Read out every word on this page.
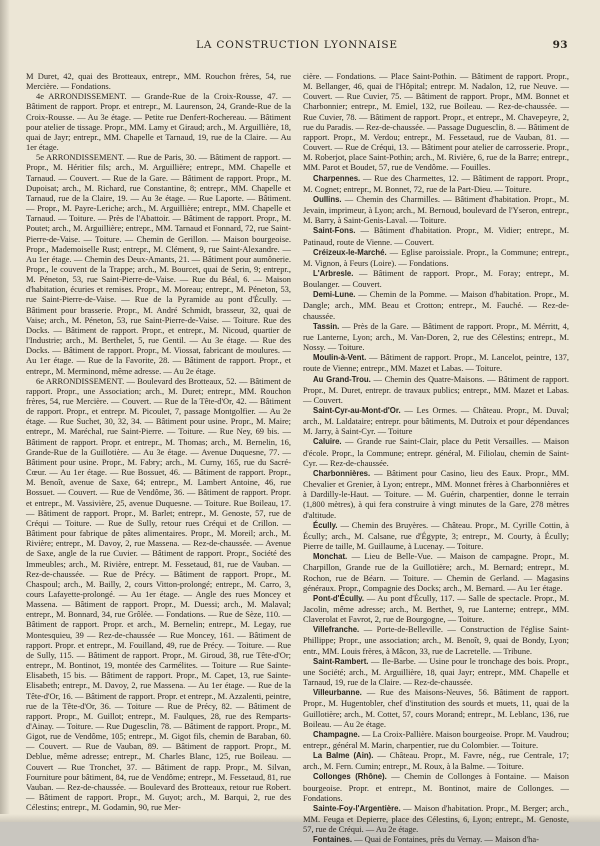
LA CONSTRUCTION LYONNAISE	93

M Duret, 42, quai des Brotteaux, entrepr., MM. Rouchon frères, 54, rue Mercière. — Fondations.

4e ARRONDISSEMENT. — Grande-Rue de la Croix-Rousse, 47. — Bâtiment de rapport. Propr. et entrepr., M. Laurenson, 24, Grande-Rue de la Croix-Rousse. — Au 3e étage. — Petite rue Denfert-Rochereau. — Bâtiment pour atelier de tissage. Propr., MM. Lamy et Giraud; arch., M. Arguillière, 18, quai de Jayr; entrepr., MM. Chapelle et Tarnaud, 19, rue de la Claire. — Au 1er étage.

5e ARRONDISSEMENT. — Rue de Paris, 30. — Bâtiment de rapport. — Propr., M. Héritier fils; arch., M. Arguillière; entrepr., MM. Chapelle et Tarnaud. — Couvert. — Rue de la Gare. — Bâtiment de rapport. Propr., M. Dupoisat; arch., M. Richard, rue Constantine, 8; entrepr., MM. Chapelle et Tarnaud, rue de la Claire, 19. — Au 3e étage. — Rue Laporte. — Bâtiment. — Propr., M. Payre-Leriche; arch., M. Arguillière; entrepr., MM. Chapelle et Tarnaud. — Toiture. — Près de l'Abattoir. — Bâtiment de rapport. Propr., M. Poutet; arch., M. Arguillière; entrepr., MM. Tarnaud et Fonnard, 72, rue Saint-Pierre-de-Vaise. — Toiture. — Chemin de Gerillon. — Maison bourgeoise. Propr., Mademoiselle Rust; entrepr., M. Clément, 9, rue Saint-Alexandre. — Au 1er étage. — Chemin des Deux-Amants, 21. — Bâtiment pour aumônerie. Propr., le couvent de la Trappe; arch., M. Bourcet, quai de Serin, 9; entrepr., M. Péneton, 53, rue Saint-Pierre-de-Vaise. — Rue du Béal, 6. — Maison d'habitation, écuries et remises. Propr., M. Moreau; entrepr., M. Péneton, 53, rue Saint-Pierre-de-Vaise. — Rue de la Pyramide au pont d'Écully. — Bâtiment pour brasserie. Propr., M. André Schmidt, brasseur, 32, quai de Vaise; arch., M. Péneton, 53, rue Saint-Pierre-de-Vaise. — Toiture. Rue des Docks. — Bâtiment de rapport. Propr., et entrepr., M. Nicoud, quartier de l'Industrie; arch., M. Berthelet, 5, rue Gentil. — Au 3e étage. — Rue des Docks. — Bâtiment de rapport. Propr., M. Viossat, fabricant de moulures. — Au 1er étage. — Rue de la Favorite, 28. — Bâtiment de rapport. Propr., et entrepr., M. Merminond, même adresse. — Au 2e étage.

6e ARRONDISSEMENT. — Boulevard des Brotteaux, 52. — Bâtiment de rapport. Propr., une Association; arch., M. Duret; entrepr., MM. Rouchon frères, 54, rue Mercière. — Couvert. — Rue de la Tête-d'Or, 42. — Bâtiment de rapport. Propr., et entrepr. M. Picoulet, 7, passage Montgolfier. — Au 2e étage. — Rue Suchet, 30, 32, 34. — Bâtiment pour usine. Propr., M. Maire; entrepr., M. Maréchal, rue Saint-Pierre. — Toiture. — Rue Ney, 69 bis. — Bâtiment de rapport. Propr. et entrepr., M. Thomas; arch., M. Bernelin, 16, Grande-Rue de la Guillotière. — Au 3e étage. — Avenue Duquesne, 77. — Bâtiment pour usine. Propr., M. Fabry; arch., M. Curny, 165, rue du Sacré-Cœur. — Au 1er étage. — Rue Bossuet, 46. — Bâtiment de rapport. Propr., M. Benoît, avenue de Saxe, 64; entrepr., M. Lambert Antoine, 46, rue Bossuet. — Couvert. — Rue de Vendôme, 36. — Bâtiment de rapport. Propr. et entrepr., M. Vassivière, 25, avenue Duquesne. — Toiture. Rue Boileau, 17. — Bâtiment de rapport. Propr., M. Barlet; entrepr., M. Genoste, 57, rue de Créqui — Toiture. — Rue de Sully, retour rues Créqui et de Crillon. — Bâtiment pour fabrique de pâtes alimentaires. Propr., M. Moreil; arch., M. Rivière; entrepr., M. Davoy, 2, rue Massena. — Rez-de-chaussée. — Avenue de Saxe, angle de la rue Cuvier. — Bâtiment de rapport. Propr., Société des Immeubles; arch., M. Rivière, entrepr. M. Fessetaud, 81, rue de Vauban. — Rez-de-chaussée. — Rue de Précy. — Bâtiment de rapport. Propr., M. Chaspoul; arch., M. Bailly, 2, cours Vitton-prolongé; entrepr., M. Carro, 3, cours Lafayette-prolongé. — Au 1er étage. — Angle des rues Moncey et Massena. — Bâtiment de rapport. Propr., M. Duessi; arch., M. Malaval; entrepr., M. Bonnard, 34, rue Grôlée. — Fondations. — Rue de Sèze, 110. — Bâtiment de rapport. Propr. et arch., M. Bernelin; entrepr., M. Legay, rue Montesquieu, 39 — Rez-de-chaussée — Rue Moncey, 161. — Bâtiment de rapport. Propr. et entrepr., M. Fouilland, 49, rue de Précy. — Toiture. — Rue de Sully, 115. — Bâtiment de rapport. Propr., M. Giroud, 38, rue Tête-d'Or; entrepr., M. Bontinot, 19, montée des Carmélites. — Toiture — Rue Sainte-Elisabeth, 15 bis. — Bâtiment de rapport. Propr., M. Capet, 13, rue Sainte-Elisabeth; entrepr., M. Davoy, 2, rue Massena. — Au 1er étage. — Rue de la Tête-d'Or, 16. — Bâtiment de rapport. Propr. et entrepr., M. Azzalenti, peintre, rue de la Tête-d'Or, 36. — Toiture — Rue de Précy, 82. — Bâtiment de rapport. Propr., M. Guillot; entrepr., M. Faulques, 28, rue des Remparts-d'Ainay. — Toiture. — Rue Dugesclin, 78. — Bâtiment de rapport. Propr., M. Gigot, rue de Vendôme, 105; entrepr., M. Gigot fils, chemin de Baraban, 60. — Couvert. — Rue de Vauban, 89. — Bâtiment de rapport. Propr., M. Deblue, même adresse; entrepr., M. Charles Blanc, 125, rue Boileau. — Couvert — Rue Tronchet, 37. — Bâtiment de rapp. Propr., M. Silvan, Fourniture pour bâtiment, 84, rue de Vendôme; entrepr., M. Fessetaud, 81, rue Vauban. — Rez-de-chaussée. — Boulevard des Brotteaux, retour rue Robert. — Bâtiment de rapport. Propr., M. Guyot; arch., M. Barqui, 2, rue des Célestins; entrepr., M. Godamin, 90, rue Mer-

cière. — Fondations. — Place Saint-Pothin. — Bâtiment de rapport. Propr., M. Bellanger, 46, quai de l'Hôpital; entrepr. M. Nadalon, 12, rue Neuve. — Couvert. — Rue Cuvier, 75. — Bâtiment de rapport. Propr., MM. Bonnet et Charbonnier; entrepr., M. Emiel, 132, rue Boileau. — Rez-de-chaussée. — Rue Cuvier, 78. — Bâtiment de rapport. Propr., et entrepr., M. Chavepeyre, 2, rue du Paradis. — Rez-de-chaussée. — Passage Duguesclin, 8. — Bâtiment de rapport. Propr., M. Verdou; entrepr., M. Fessetaud, rue de Vauban, 81. — Couvert. — Rue de Créqui, 13. — Bâtiment pour atelier de carrosserie. Propr., M. Roberjot, place Saint-Pothin; arch., M. Rivière, 6, rue de la Barre; entrepr., MM. Parot et Boudet, 57, rue de Vendôme. — Fouilles.

Charpennes. — Rue des Charmettes, 12. — Bâtiment de rapport. Propr., M. Cognet; entrepr., M. Bonnet, 72, rue de la Part-Dieu. — Toiture.

Oullins. — Chemin des Charmilles. — Bâtiment d'habitation. Propr., M. Jevain, imprimeur, à Lyon; arch., M. Bernoud, boulevard de l'Yseron, entrepr., M. Barry, à Saint-Genis-Laval. — Toiture.

Saint-Fons. — Bâtiment d'habitation. Propr., M. Vidier; entrepr., M. Patinaud, route de Vienne. — Couvert.

Créizeux-le-Marché. — Eglise paroissiale. Propr., la Commune; entrepr., M. Vignon, à Feurs (Loire). — Fondations.

L'Arbresle. — Bâtiment de rapport. Propr., M. Foray; entrepr., M. Boulanger. — Couvert.

Demi-Lune. — Chemin de la Pomme. — Maison d'habitation. Propr., M. Dangle; arch., MM. Beau et Crotton; entrepr., M. Fauché. — Rez-de-chaussée.

Tassin. — Près de la Gare. — Bâtiment de rapport. Propr., M. Mérritt, 4, rue Lanterne, Lyon; arch., M. Van-Doren, 2, rue des Célestins; entrepr., M. Nossy. — Toiture.

Moulin-à-Vent. — Bâtiment de rapport. Propr., M. Lancelot, peintre, 137, route de Vienne; entrepr., MM. Mazet et Labas. — Toiture.

Au Grand-Trou. — Chemin des Quatre-Maisons. — Bâtiment de rapport. Propr., M. Duret, entrepr. de travaux publics; entrepr., MM. Mazet et Labas. — Couvert.

Saint-Cyr-au-Mont-d'Or. — Les Ormes. — Château. Propr., M. Duval; arch., M. Laldataire; entrepr. pour bâtiments, M. Dutroix et pour dépendances M. Jarry, à Saint-Cyr. — Toiture

Caluire. — Grande rue Saint-Clair, place du Petit Versailles. — Maison d'école. Propr., la Commune; entrepr. général, M. Filiolau, chemin de Saint-Cyr. — Rez-de-chaussée.

Charbonnières. — Bâtiment pour Casino, lieu des Eaux. Propr., MM. Chevalier et Grenier, à Lyon; entrepr., MM. Monnet frères à Charbonnières et à Dardilly-le-Haut. — Toiture. — M. Guérin, charpentier, donne le terrain (1,800 mètres), à qui fera construire à vingt minutes de la Gare, 278 mètres d'altitude.

Écully. — Chemin des Bruyères. — Château. Propr., M. Cyrille Cottin, à Écully; arch., M. Calsane, rue d'Égypte, 3; entrepr., M. Courty, à Écully; Pierre de taille, M. Guillaume, à Lucenay. — Toiture.

Monchat. — Lieu de Belle-Vue. — Maison de campagne. Propr., M. Charpillon, Grande rue de la Guillotière; arch., M. Bernard; entrepr., M. Rochon, rue de Béarn. — Toiture. — Chemin de Gerland. — Magasins généraux. Propr., Compagnie des Docks; arch., M. Bernard. — Au 1er étage.

Pont-d'Écully. — Au pont d'Écully, 117. — Salle de spectacle. Propr., M. Jacolin, même adresse; arch., M. Berthet, 9, rue Lanterne; entrepr., MM. Claverolat et Favrot, 2, rue de Bourgogne, — Toiture.

Villefranche. — Porte-de-Belleville. — Construction de l'église Saint-Phillippe; Propr., une association; arch., M. Benoît, 9, quai de Bondy, Lyon; entr., MM. Louis frères, à Mâcon, 33, rue de Lacretelle. — Tribune.

Saint-Rambert. — Ile-Barbe. — Usine pour le tronchage des bois. Propr., une Société; arch., M. Arguillière, 18, quai Jayr; entrepr., MM. Chapelle et Tarnaud, 19, rue de la Claire. — Rez-de-chaussée.

Villeurbanne. — Rue des Maisons-Neuves, 56. Bâtiment de rapport. Propr., M. Hugentobler, chef d'institution des sourds et muets, 11, quai de la Guillotière; arch., M. Cottet, 57, cours Morand; entrepr., M. Leblanc, 136, rue Boileau. — Au 2e étage.

Champagne. — La Croix-Pallière. Maison bourgeoise. Propr. M. Vaudrou; entrepr., général M. Marin, charpentier, rue du Colombier. — Toiture.

La Balme (Ain). — Château. Propr., M. Favre, nég., rue Centrale, 17; arch., M. Fern. Cumin; entrepr., M. Roux, à la Balme. — Toiture.

Collonges (Rhône). — Chemin de Collonges à Fontaine. — Maison bourgeoise. Propr. et entrepr., M. Bontinot, maire de Collonges. — Fondations.

Sainte-Foy-l'Argentière. — Maison d'habitation. Propr., M. Berger; arch., MM. Feuga et Depierre, place des Célestins, 6, Lyon; entrepr., M. Genoste, 57, rue de Créqui. — Au 2e étage.

Fontaines. — Quai de Fontaines, près du Vernay. — Maison d'ha-
